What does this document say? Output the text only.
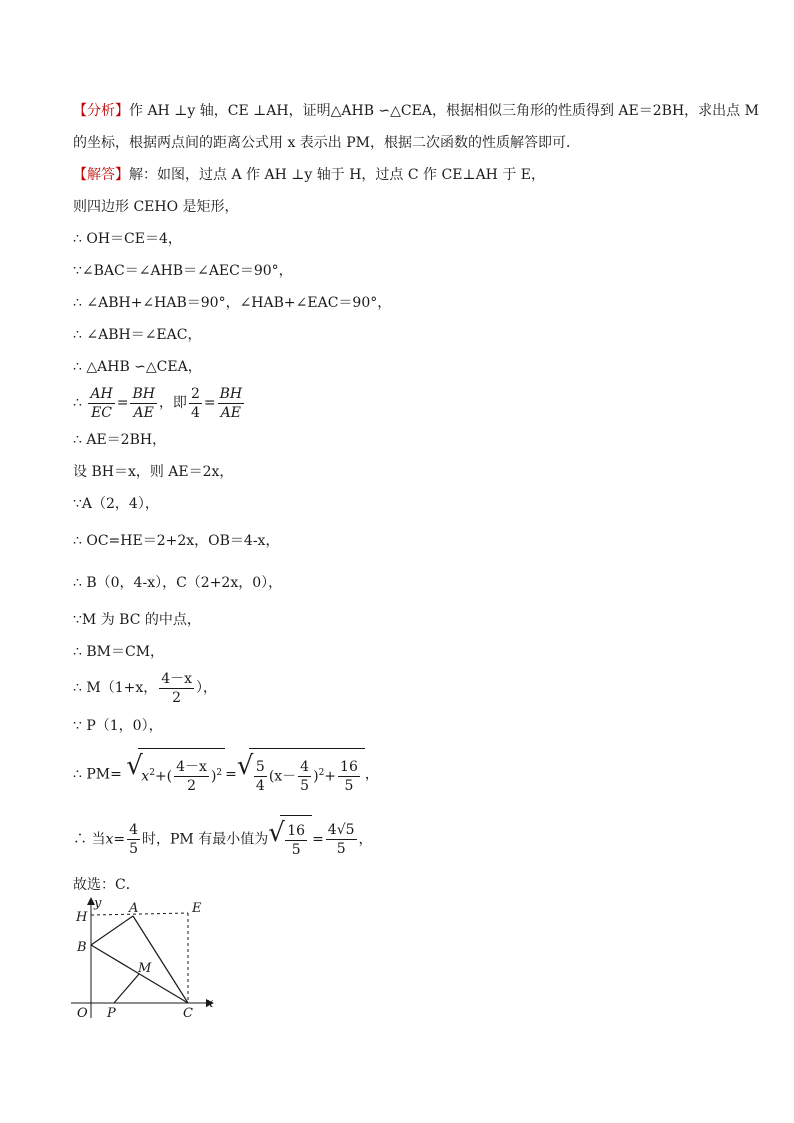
【分析】作 AH ⊥y 轴，CE ⊥AH，证明△AHB ∽△CEA，根据相似三角形的性质得到 AE＝2BH，求出点 M
的坐标，根据两点间的距离公式用 x 表示出 PM，根据二次函数的性质解答即可．
【解答】解：如图，过点 A 作 AH ⊥y 轴于 H，过点 C 作 CE⊥AH 于 E，
则四边形 CEHO 是矩形，
∴ OH＝CE＝4，
∵∠BAC＝∠AHB＝∠AEC＝90°，
∴ ∠ABH+∠HAB＝90°，∠HAB+∠EAC＝90°，
∴ ∠ABH＝∠EAC，
∴ △AHB ∽△CEA，
∴ $\frac{AH}{EC} = \frac{BH}{AE}$ ，即 $\frac{2}{4} = \frac{BH}{AE}$
∴ AE＝2BH，
设 BH＝x，则 AE＝2x，
∵A（2，4），
∴ OC=HE＝2+2x，OB＝4-x，
∴ B（0，4-x），C（2+2x，0），
∵M 为 BC 的中点，
∴ BM＝CM，
∴ M（1+x， $\frac{4-x}{2}$ ），
∵ P（1，0），
∴ PM= √
$x^2+( \frac{4-x}{2} )^2$ = √ $\frac{5}{4} (x- \frac{4}{5} )^2+ \frac{16}{5}$ ，
∴ 当$x= \frac{4}{5}$ 时，PM 有最小值为 √ $\frac{16}{5} = \frac{4√5}{5}$ ，
故选：C．
y
H
A	E
B
M
O P	C
x
